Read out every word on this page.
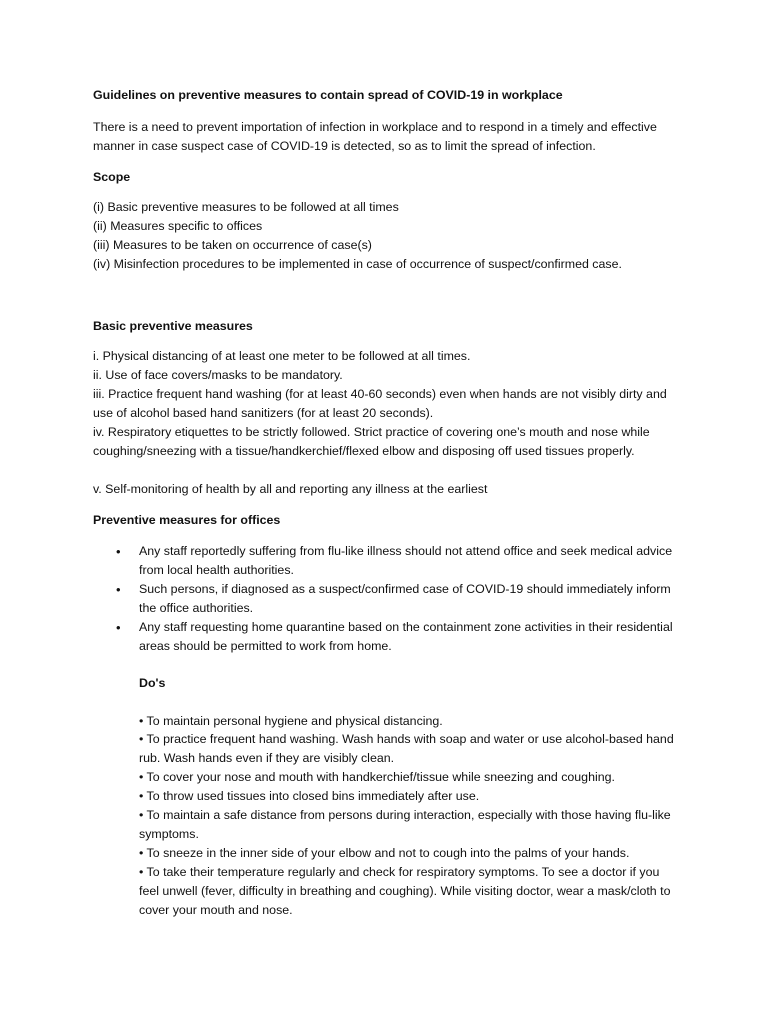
Guidelines on preventive measures to contain spread of COVID-19 in workplace
There is a need to prevent importation of infection in workplace and to respond in a timely and effective manner in case suspect case of COVID-19 is detected, so as to limit the spread of infection.
Scope
(i) Basic preventive measures to be followed at all times
(ii) Measures specific to offices
(iii) Measures to be taken on occurrence of case(s)
(iv) Misinfection procedures to be implemented in case of occurrence of suspect/confirmed case.
Basic preventive measures
i. Physical distancing of at least one meter to be followed at all times.
ii. Use of face covers/masks to be mandatory.
iii. Practice frequent hand washing (for at least 40-60 seconds) even when hands are not visibly dirty and use of alcohol based hand sanitizers (for at least 20 seconds).
iv. Respiratory etiquettes to be strictly followed. Strict practice of covering one’s mouth and nose while coughing/sneezing with a tissue/handkerchief/flexed elbow and disposing off used tissues properly.
v. Self-monitoring of health by all and reporting any illness at the earliest
Preventive measures for offices
• Any staff reportedly suffering from flu-like illness should not attend office and seek medical advice from local health authorities.
• Such persons, if diagnosed as a suspect/confirmed case of COVID-19 should immediately inform the office authorities.
• Any staff requesting home quarantine based on the containment zone activities in their residential areas should be permitted to work from home.
Do's
• To maintain personal hygiene and physical distancing.
• To practice frequent hand washing. Wash hands with soap and water or use alcohol-based hand rub. Wash hands even if they are visibly clean.
• To cover your nose and mouth with handkerchief/tissue while sneezing and coughing.
• To throw used tissues into closed bins immediately after use.
• To maintain a safe distance from persons during interaction, especially with those having flu-like symptoms.
• To sneeze in the inner side of your elbow and not to cough into the palms of your hands.
• To take their temperature regularly and check for respiratory symptoms. To see a doctor if you feel unwell (fever, difficulty in breathing and coughing). While visiting doctor, wear a mask/cloth to cover your mouth and nose.
